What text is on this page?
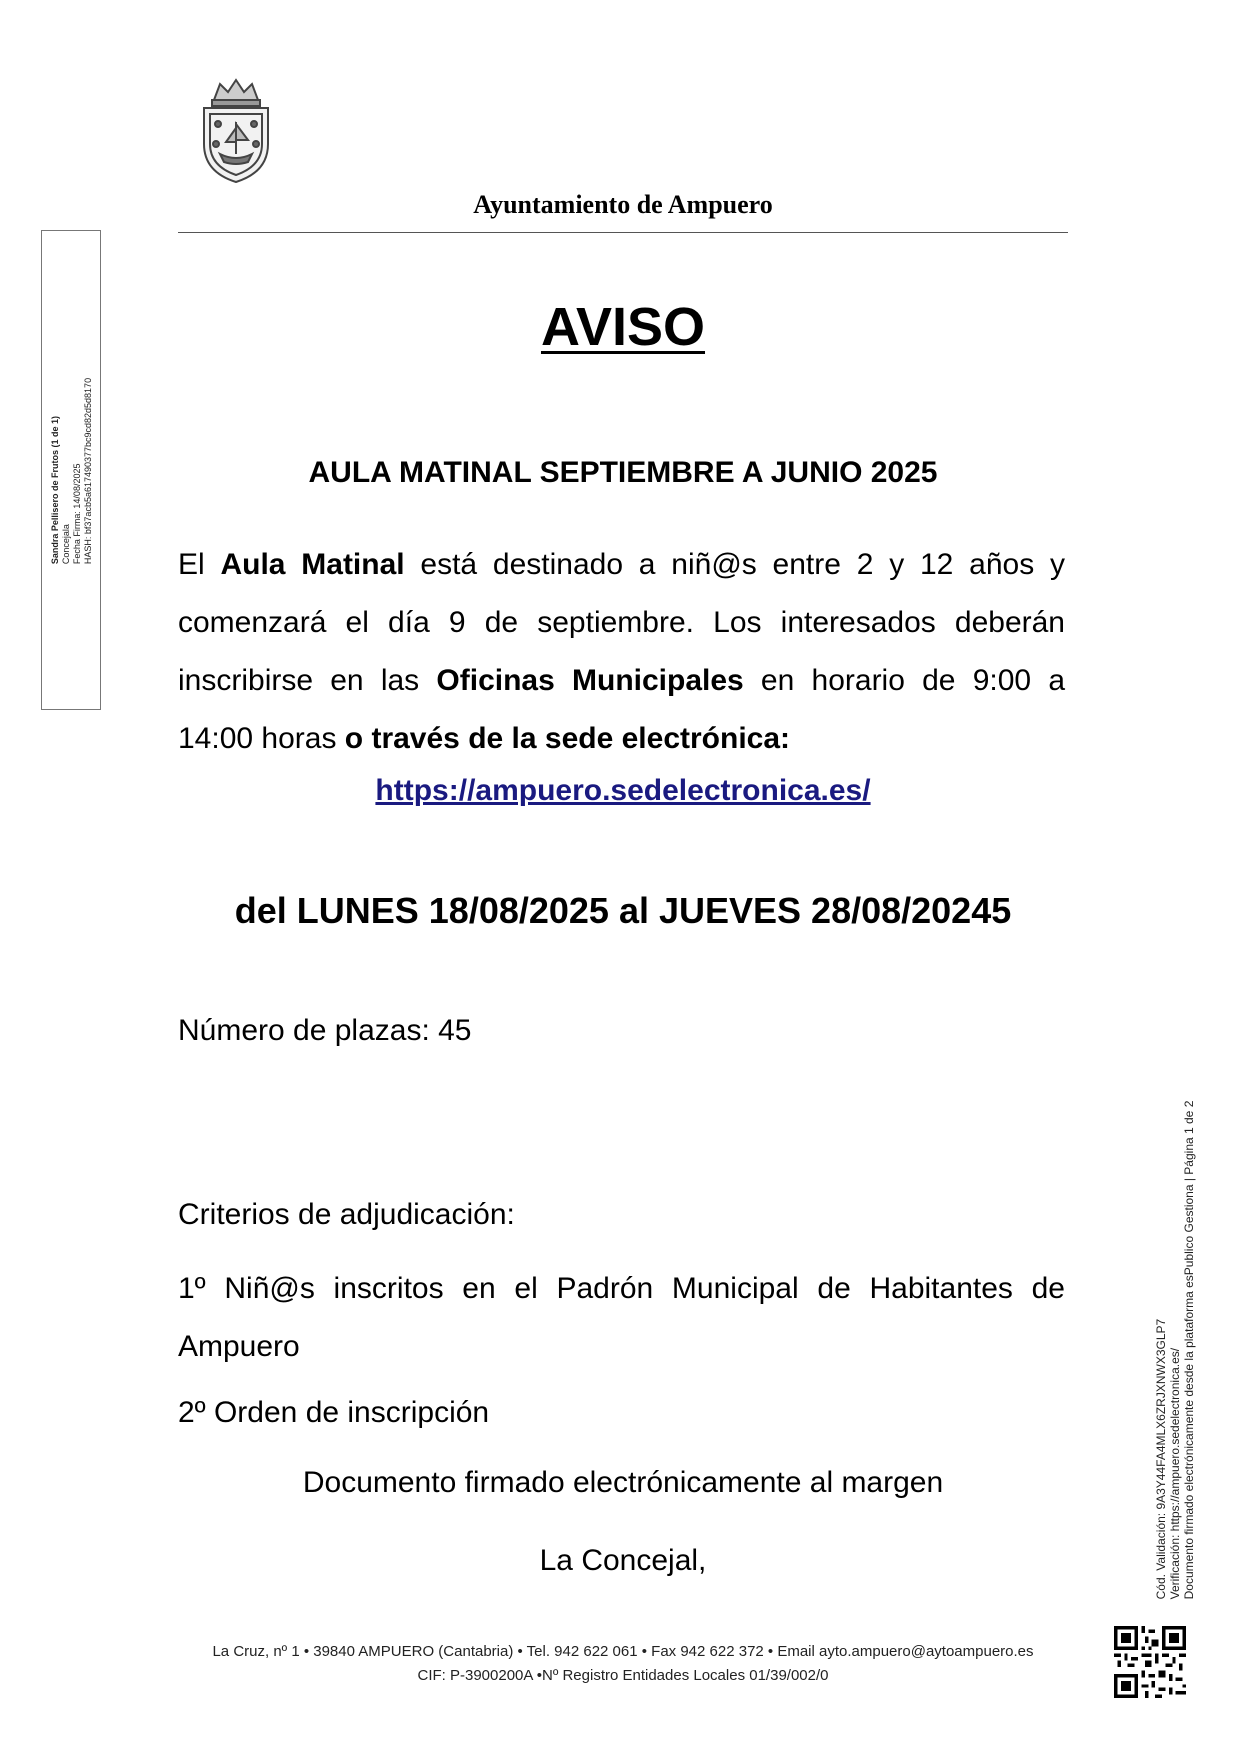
Ayuntamiento de Ampuero
Sandra Pellisero de Frutos (1 de 1) Concejala Fecha Firma: 14/08/2025 HASH: bf37acb5a617490377bc9cd82d5d8170
AVISO
AULA MATINAL SEPTIEMBRE A JUNIO 2025

El Aula Matinal está destinado a niñ@s entre 2 y 12 años y comenzará el día 9 de septiembre. Los interesados deberán inscribirse en las Oficinas Municipales en horario de 9:00 a 14:00 horas o través de la sede electrónica:

https://ampuero.sedelectronica.es/
del LUNES 18/08/2025 al JUEVES 28/08/20245
Número de plazas: 45
Criterios de adjudicación:

1º Niñ@s inscritos en el Padrón Municipal de Habitantes de Ampuero

2º Orden de inscripción
Documento firmado electrónicamente al margen
La Concejal,
La Cruz, nº 1 • 39840 AMPUERO (Cantabria) • Tel. 942 622 061 • Fax 942 622 372 • Email ayto.ampuero@aytoampuero.es
CIF: P-3900200A •Nº Registro Entidades Locales 01/39/002/0
Cód. Validación: 9A3Y44FA4MLX6ZRJXNWX3GLP7 Verificación: https://ampuero.sedelectronica.es/ Documento firmado electrónicamente desde la plataforma esPublico Gestiona | Página 1 de 2
